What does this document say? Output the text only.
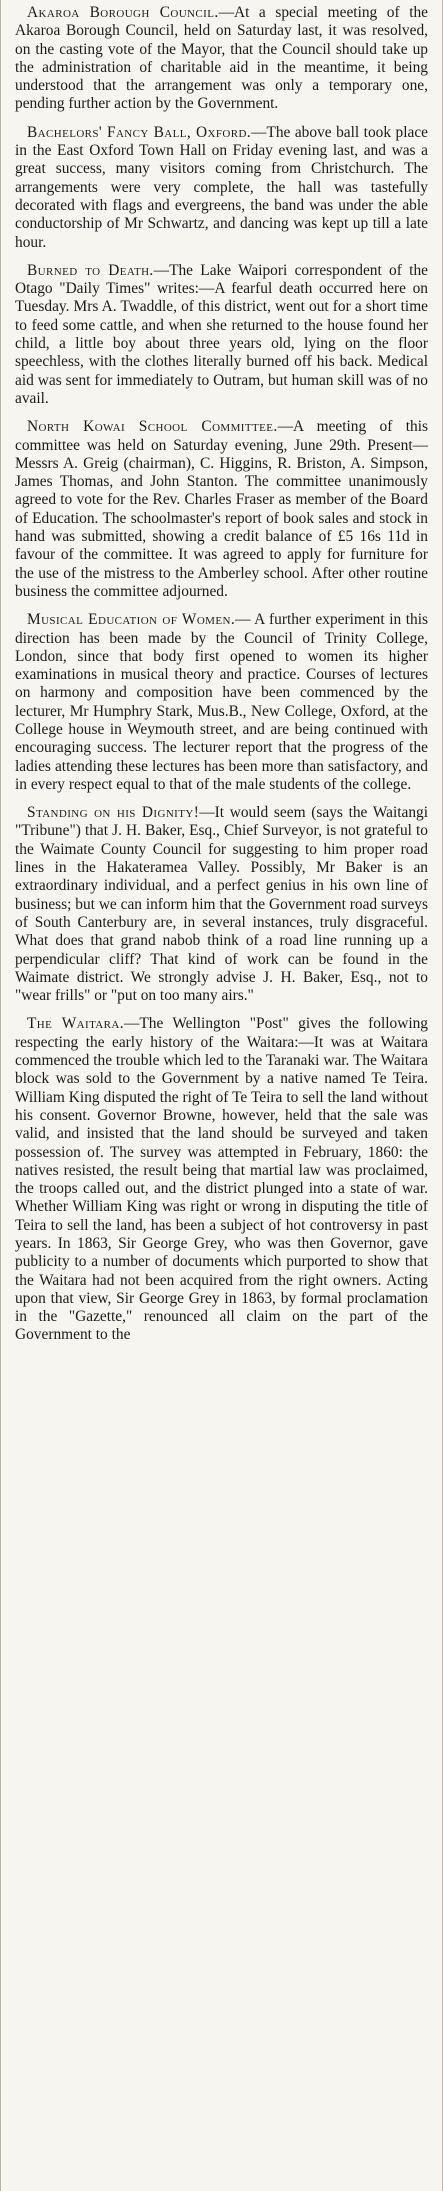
Akaroa Borough Council.—At a special meeting of the Akaroa Borough Council, held on Saturday last, it was resolved, on the casting vote of the Mayor, that the Council should take up the administration of charitable aid in the meantime, it being understood that the arrangement was only a temporary one, pending further action by the Government.

Bachelors' Fancy Ball, Oxford.—The above ball took place in the East Oxford Town Hall on Friday evening last, and was a great success, many visitors coming from Christchurch. The arrangements were very complete, the hall was tastefully decorated with flags and evergreens, the band was under the able conductorship of Mr Schwartz, and dancing was kept up till a late hour.

Burned to Death.—The Lake Waipori correspondent of the Otago "Daily Times" writes:—A fearful death occurred here on Tuesday. Mrs A. Twaddle, of this district, went out for a short time to feed some cattle, and when she returned to the house found her child, a little boy about three years old, lying on the floor speechless, with the clothes literally burned off his back. Medical aid was sent for immediately to Outram, but human skill was of no avail.

North Kowai School Committee.—A meeting of this committee was held on Saturday evening, June 29th. Present—Messrs A. Greig (chairman), C. Higgins, R. Briston, A. Simpson, James Thomas, and John Stanton. The committee unanimously agreed to vote for the Rev. Charles Fraser as member of the Board of Education. The schoolmaster's report of book sales and stock in hand was submitted, showing a credit balance of £5 16s 11d in favour of the committee. It was agreed to apply for furniture for the use of the mistress to the Amberley school. After other routine business the committee adjourned.

Musical Education of Women.— A further experiment in this direction has been made by the Council of Trinity College, London, since that body first opened to women its higher examinations in musical theory and practice. Courses of lectures on harmony and composition have been commenced by the lecturer, Mr Humphry Stark, Mus.B., New College, Oxford, at the College house in Weymouth street, and are being continued with encouraging success. The lecturer report that the progress of the ladies attending these lectures has been more than satisfactory, and in every respect equal to that of the male students of the college.

Standing on his Dignity!—It would seem (says the Waitangi "Tribune") that J. H. Baker, Esq., Chief Surveyor, is not grateful to the Waimate County Council for suggesting to him proper road lines in the Hakateramea Valley. Possibly, Mr Baker is an extraordinary individual, and a perfect genius in his own line of business; but we can inform him that the Government road surveys of South Canterbury are, in several instances, truly disgraceful. What does that grand nabob think of a road line running up a perpendicular cliff? That kind of work can be found in the Waimate district. We strongly advise J. H. Baker, Esq., not to "wear frills" or "put on too many airs."

The Waitara.—The Wellington "Post" gives the following respecting the early history of the Waitara:—It was at Waitara commenced the trouble which led to the Taranaki war. The Waitara block was sold to the Government by a native named Te Teira. William King disputed the right of Te Teira to sell the land without his consent. Governor Browne, however, held that the sale was valid, and insisted that the land should be surveyed and taken possession of. The survey was attempted in February, 1860: the natives resisted, the result being that martial law was proclaimed, the troops called out, and the district plunged into a state of war. Whether William King was right or wrong in disputing the title of Teira to sell the land, has been a subject of hot controversy in past years. In 1863, Sir George Grey, who was then Governor, gave publicity to a number of documents which purported to show that the Waitara had not been acquired from the right owners. Acting upon that view, Sir George Grey in 1863, by formal proclamation in the "Gazette," renounced all claim on the part of the Government to the
